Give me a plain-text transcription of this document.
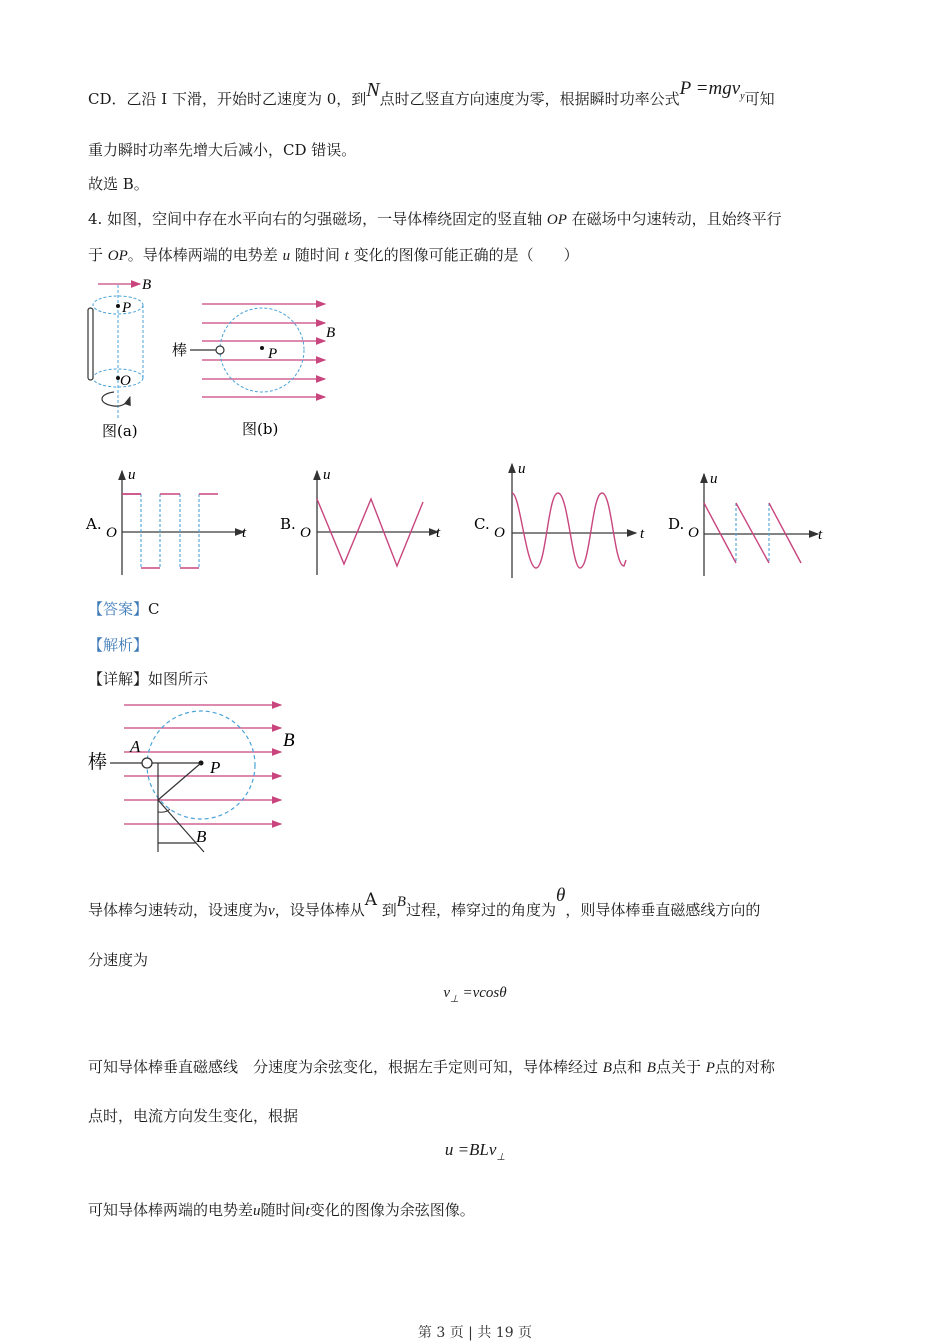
CD．乙沿 I 下滑，开始时乙速度为 0，到N点时乙竖直方向速度为零，根据瞬时功率公式P =mgv$_y$可知
重力瞬时功率先增大后减小，CD 错误。
故选 B。
4. 如图，空间中存在水平向右的匀强磁场，一导体棒绕固定的竖直轴 OP 在磁场中匀速转动，且始终平行
于 OP。导体棒两端的电势差 u 随时间 t 变化的图像可能正确的是（　　）
B
P
O
图(a)
棒	P
B
图(b)
A. O
u
t B. O
u
t C. O
u
t
D. O
u
t
【答案】C
【解析】
【详解】如图所示
棒
A
P
B
B
导体棒匀速转动，设速度为v，设导体棒从A 到B过程，棒穿过的角度为θ，则导体棒垂直磁感线方向的
分速度为
$v_\perp =vcos\theta$
可知导体棒垂直磁感线　分速度为余弦变化，根据左手定则可知，导体棒经过 B点和 B点关于 P点的对称
点时，电流方向发生变化，根据
u =BLv$_\perp$
可知导体棒两端的电势差u随时间t变化的图像为余弦图像。
第 3 页 | 共 19 页
